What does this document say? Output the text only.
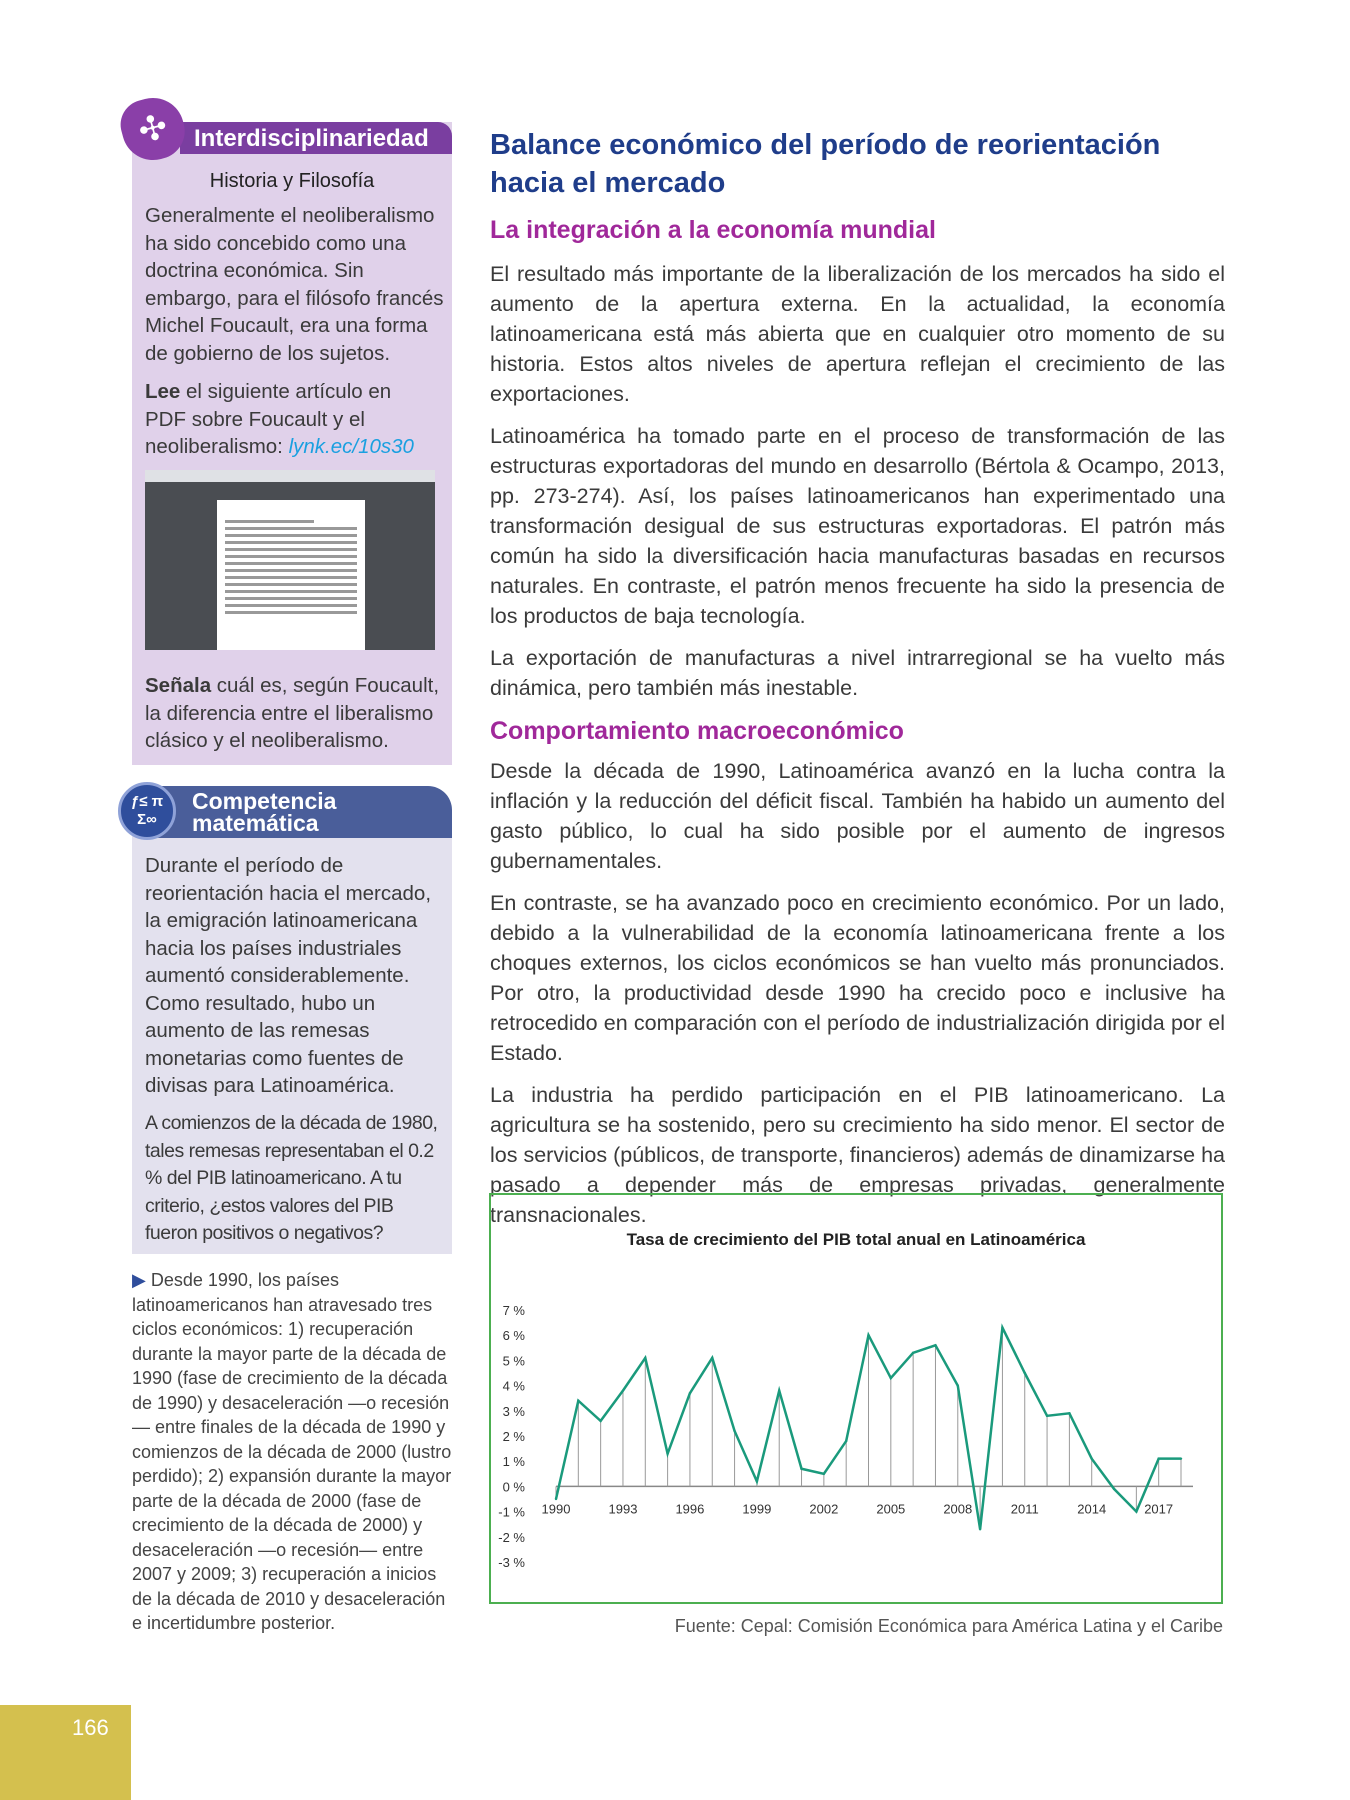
Interdisciplinariedad
✣
Historia y Filosofía
Generalmente el neoliberalismo ha sido concebido como una doctrina económica. Sin embargo, para el filósofo francés Michel Foucault, era una forma de gobierno de los sujetos.
Lee el siguiente artículo en PDF sobre Foucault y el neoliberalismo: lynk.ec/10s30
Señala cuál es, según Foucault, la diferencia entre el liberalismo clásico y el neoliberalismo.
Competencia matemática
ƒ≤ π Σ∞
Durante el período de reorientación hacia el mercado, la emigración latinoamericana hacia los países industriales aumentó considerablemente. Como resultado, hubo un aumento de las remesas monetarias como fuentes de divisas para Latinoamérica.
A comienzos de la década de 1980, tales remesas representaban el 0.2 % del PIB latinoamericano. A tu criterio, ¿estos valores del PIB fueron positivos o negativos?
▶ Desde 1990, los países latinoamericanos han atravesado tres ciclos económicos: 1) recuperación durante la mayor parte de la década de 1990 (fase de crecimiento de la década de 1990) y desaceleración —o recesión— entre finales de la década de 1990 y comienzos de la década de 2000 (lustro perdido); 2) expansión durante la mayor parte de la década de 2000 (fase de crecimiento de la década de 2000) y desaceleración —o recesión— entre 2007 y 2009; 3) recuperación a inicios de la década de 2010 y desaceleración e incertidumbre posterior.
Balance económico del período de reorientación hacia el mercado
La integración a la economía mundial

El resultado más importante de la liberalización de los mercados ha sido el aumento de la apertura externa. En la actualidad, la economía latinoamericana está más abierta que en cualquier otro momento de su historia. Estos altos niveles de apertura reflejan el crecimiento de las exportaciones.

Latinoamérica ha tomado parte en el proceso de transformación de las estructuras exportadoras del mundo en desarrollo (Bértola & Ocampo, 2013, pp. 273-274). Así, los países latinoamericanos han experimentado una transformación desigual de sus estructuras exportadoras. El patrón más común ha sido la diversificación hacia manufacturas basadas en recursos naturales. En contraste, el patrón menos frecuente ha sido la presencia de los productos de baja tecnología.

La exportación de manufacturas a nivel intrarregional se ha vuelto más dinámica, pero también más inestable.

Comportamiento macroeconómico

Desde la década de 1990, Latinoamérica avanzó en la lucha contra la inflación y la reducción del déficit fiscal. También ha habido un aumento del gasto público, lo cual ha sido posible por el aumento de ingresos gubernamentales.

En contraste, se ha avanzado poco en crecimiento económico. Por un lado, debido a la vulnerabilidad de la economía latinoamericana frente a los choques externos, los ciclos económicos se han vuelto más pronunciados. Por otro, la productividad desde 1990 ha crecido poco e inclusive ha retrocedido en comparación con el período de industrialización dirigida por el Estado.

La industria ha perdido participación en el PIB latinoamericano. La agricultura se ha sostenido, pero su crecimiento ha sido menor. El sector de los servicios (públicos, de transporte, financieros) además de dinamizarse ha pasado a depender más de empresas privadas, generalmente transnacionales.

Tasa de crecimiento del PIB total anual en Latinoamérica
7 %
6 %
5 %
4 %
3 %
2 %
1 %
0 %
-1 %
-2 %
-3 %
1990	1993	1996	1999	2002	2005	2008	2011	2014	2017
Fuente: Cepal: Comisión Económica para América Latina y el Caribe
166
